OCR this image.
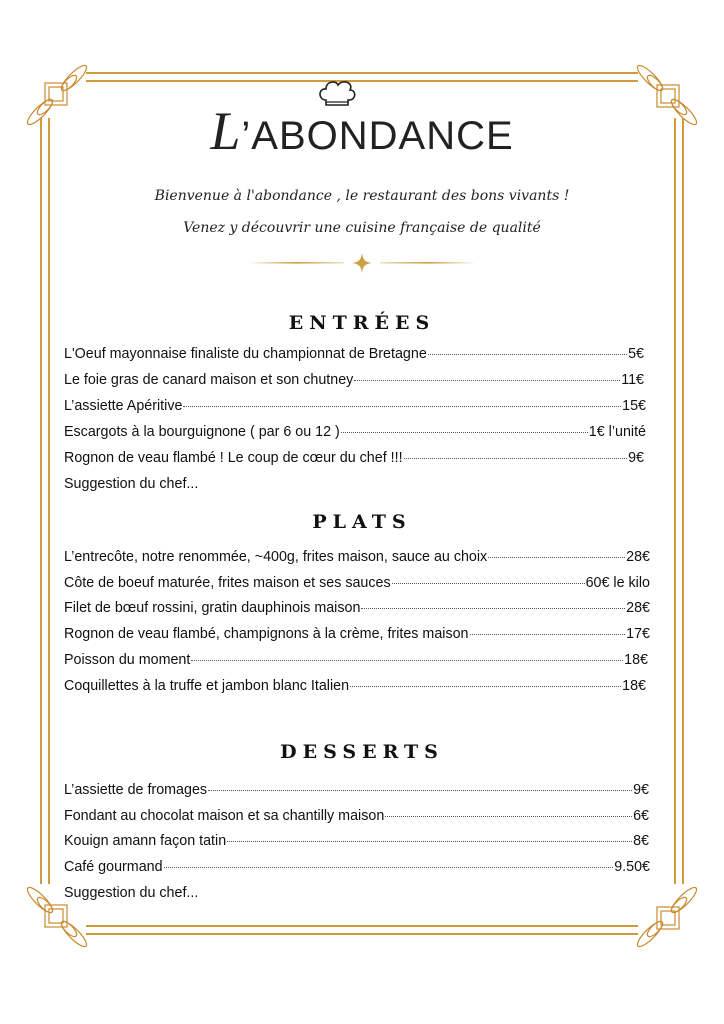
L’ABONDANCE
Bienvenue à l'abondance , le restaurant des bons vivants !
Venez y découvrir une cuisine française de qualité
ENTRÉES
L'Oeuf mayonnaise finaliste du championnat de Bretagne	5€
Le foie gras de canard maison et son chutney	11€
L’assiette Apéritive	15€
Escargots à la bourguignone ( par 6 ou 12 )	1€ l’unité
Rognon de veau flambé ! Le coup de cœur du chef !!!	9€
Suggestion du chef...
PLATS
L’entrecôte, notre renommée, ~400g, frites maison, sauce au choix	28€
Côte de boeuf maturée, frites maison et ses sauces	60€ le kilo
Filet de bœuf rossini, gratin dauphinois maison	28€
Rognon de veau flambé, champignons à la crème, frites maison	17€
Poisson du moment	18€
Coquillettes à la truffe et jambon blanc Italien	18€
DESSERTS
L’assiette de fromages	9€
Fondant au chocolat maison et sa chantilly maison	6€
Kouign amann façon tatin	8€
Café gourmand	9.50€
Suggestion du chef...
